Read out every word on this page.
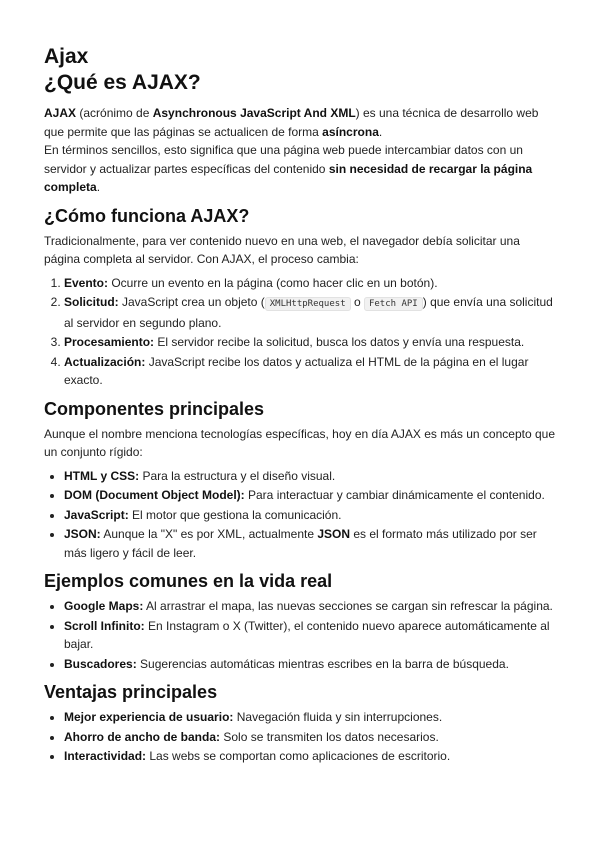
Ajax
¿Qué es AJAX?

AJAX (acrónimo de Asynchronous JavaScript And XML) es una técnica de desarrollo web que permite que las páginas se actualicen de forma asíncrona.

En términos sencillos, esto significa que una página web puede intercambiar datos con un servidor y actualizar partes específicas del contenido sin necesidad de recargar la página completa.

¿Cómo funciona AJAX?

Tradicionalmente, para ver contenido nuevo en una web, el navegador debía solicitar una página completa al servidor. Con AJAX, el proceso cambia:

1. Evento: Ocurre un evento en la página (como hacer clic en un botón).
2. Solicitud: JavaScript crea un objeto ( XMLHttpRequest o Fetch API ) que envía una solicitud al servidor en segundo plano.
3. Procesamiento: El servidor recibe la solicitud, busca los datos y envía una respuesta.
4. Actualización: JavaScript recibe los datos y actualiza el HTML de la página en el lugar exacto.
Componentes principales

Aunque el nombre menciona tecnologías específicas, hoy en día AJAX es más un concepto que un conjunto rígido:

• HTML y CSS: Para la estructura y el diseño visual.
• DOM (Document Object Model): Para interactuar y cambiar dinámicamente el contenido.
• JavaScript: El motor que gestiona la comunicación.
• JSON: Aunque la "X" es por XML, actualmente JSON es el formato más utilizado por ser más ligero y fácil de leer.
Ejemplos comunes en la vida real
• Google Maps: Al arrastrar el mapa, las nuevas secciones se cargan sin refrescar la página.
• Scroll Infinito: En Instagram o X (Twitter), el contenido nuevo aparece automáticamente al bajar.
• Buscadores: Sugerencias automáticas mientras escribes en la barra de búsqueda.
Ventajas principales
• Mejor experiencia de usuario: Navegación fluida y sin interrupciones.
• Ahorro de ancho de banda: Solo se transmiten los datos necesarios.
• Interactividad: Las webs se comportan como aplicaciones de escritorio.
